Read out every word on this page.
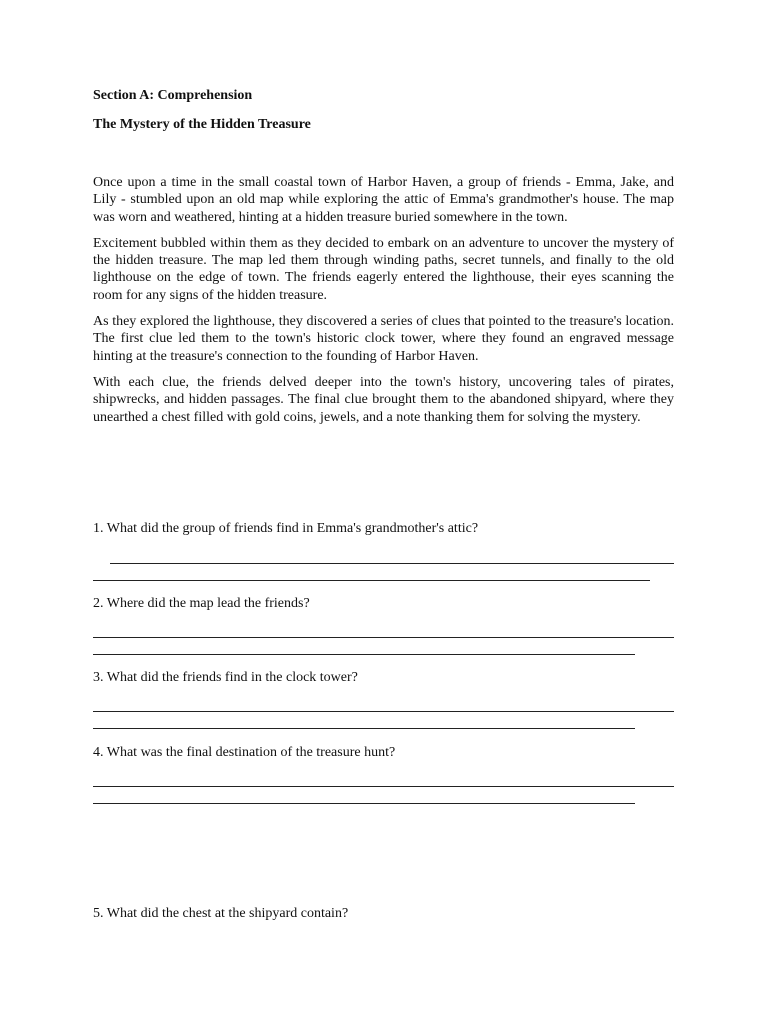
Section A: Comprehension
The Mystery of the Hidden Treasure

Once upon a time in the small coastal town of Harbor Haven, a group of friends - Emma, Jake, and Lily - stumbled upon an old map while exploring the attic of Emma's grandmother's house. The map was worn and weathered, hinting at a hidden treasure buried somewhere in the town.

Excitement bubbled within them as they decided to embark on an adventure to uncover the mystery of the hidden treasure. The map led them through winding paths, secret tunnels, and finally to the old lighthouse on the edge of town. The friends eagerly entered the lighthouse, their eyes scanning the room for any signs of the hidden treasure.

As they explored the lighthouse, they discovered a series of clues that pointed to the treasure's location. The first clue led them to the town's historic clock tower, where they found an engraved message hinting at the treasure's connection to the founding of Harbor Haven.

With each clue, the friends delved deeper into the town's history, uncovering tales of pirates, shipwrecks, and hidden passages. The final clue brought them to the abandoned shipyard, where they unearthed a chest filled with gold coins, jewels, and a note thanking them for solving the mystery.

1. What did the group of friends find in Emma's grandmother's attic?

2. Where did the map lead the friends?

3. What did the friends find in the clock tower?

4. What was the final destination of the treasure hunt?

5. What did the chest at the shipyard contain?
